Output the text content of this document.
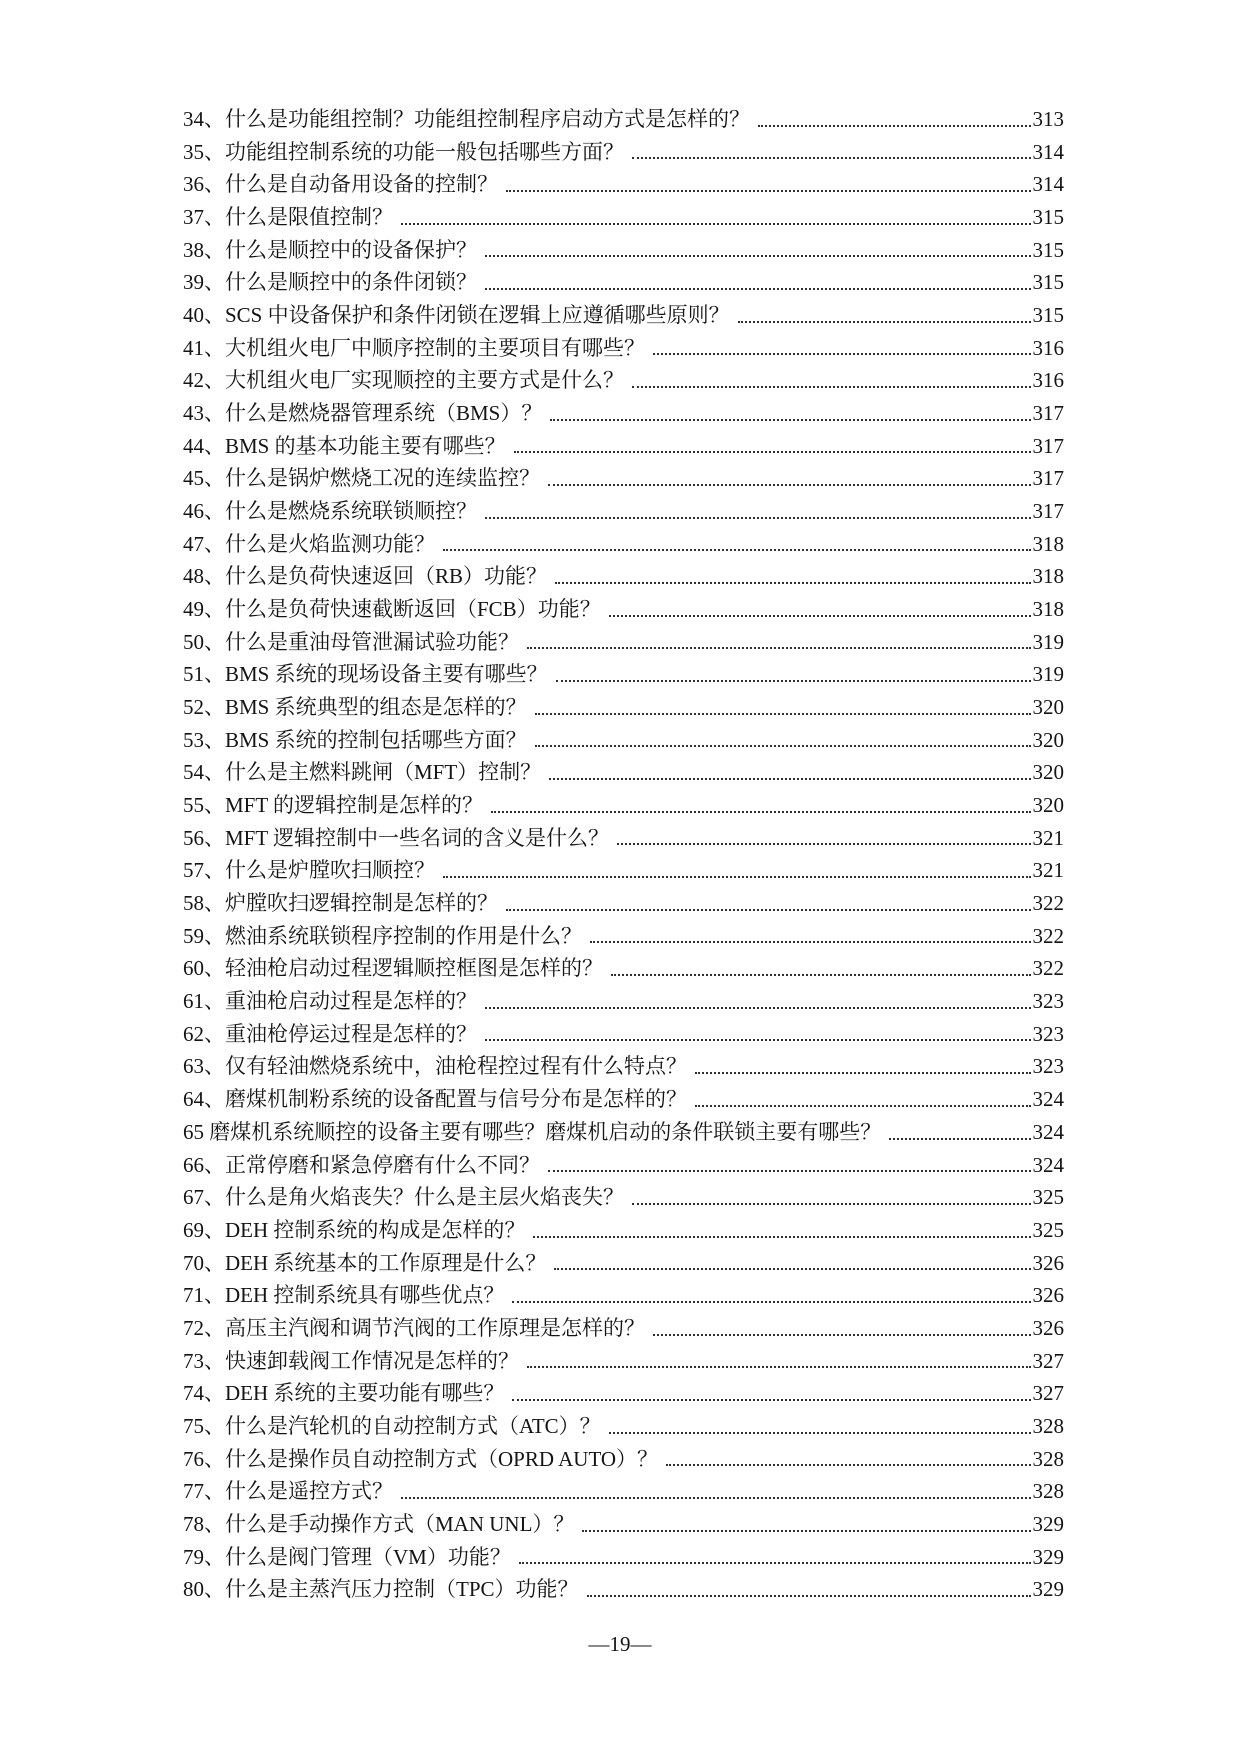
34、什么是功能组控制？功能组控制程序启动方式是怎样的？	313
35、功能组控制系统的功能一般包括哪些方面？	314
36、什么是自动备用设备的控制？	314
37、什么是限值控制？	315
38、什么是顺控中的设备保护？	315
39、什么是顺控中的条件闭锁？	315
40、SCS 中设备保护和条件闭锁在逻辑上应遵循哪些原则？	315
41、大机组火电厂中顺序控制的主要项目有哪些？	316
42、大机组火电厂实现顺控的主要方式是什么？	316
43、什么是燃烧器管理系统（BMS）？	317
44、BMS 的基本功能主要有哪些？	317
45、什么是锅炉燃烧工况的连续监控？	317
46、什么是燃烧系统联锁顺控？	317
47、什么是火焰监测功能？	318
48、什么是负荷快速返回（RB）功能？	318
49、什么是负荷快速截断返回（FCB）功能？	318
50、什么是重油母管泄漏试验功能？	319
51、BMS 系统的现场设备主要有哪些？	319
52、BMS 系统典型的组态是怎样的？	320
53、BMS 系统的控制包括哪些方面？	320
54、什么是主燃料跳闸（MFT）控制？	320
55、MFT 的逻辑控制是怎样的？	320
56、MFT 逻辑控制中一些名词的含义是什么？	321
57、什么是炉膛吹扫顺控？	321
58、炉膛吹扫逻辑控制是怎样的？	322
59、燃油系统联锁程序控制的作用是什么？	322
60、轻油枪启动过程逻辑顺控框图是怎样的？	322
61、重油枪启动过程是怎样的？	323
62、重油枪停运过程是怎样的？	323
63、仅有轻油燃烧系统中，油枪程控过程有什么特点？	323
64、磨煤机制粉系统的设备配置与信号分布是怎样的？	324
65 磨煤机系统顺控的设备主要有哪些？磨煤机启动的条件联锁主要有哪些？	324
66、正常停磨和紧急停磨有什么不同？	324
67、什么是角火焰丧失？什么是主层火焰丧失？	325
69、DEH 控制系统的构成是怎样的？	325
70、DEH 系统基本的工作原理是什么？	326
71、DEH 控制系统具有哪些优点？	326
72、高压主汽阀和调节汽阀的工作原理是怎样的？	326
73、快速卸载阀工作情况是怎样的？	327
74、DEH 系统的主要功能有哪些？	327
75、什么是汽轮机的自动控制方式（ATC）？	328
76、什么是操作员自动控制方式（OPRD AUTO）？	328
77、什么是遥控方式？	328
78、什么是手动操作方式（MAN UNL）？	329
79、什么是阀门管理（VM）功能？	329
80、什么是主蒸汽压力控制（TPC）功能？	329
—19—
